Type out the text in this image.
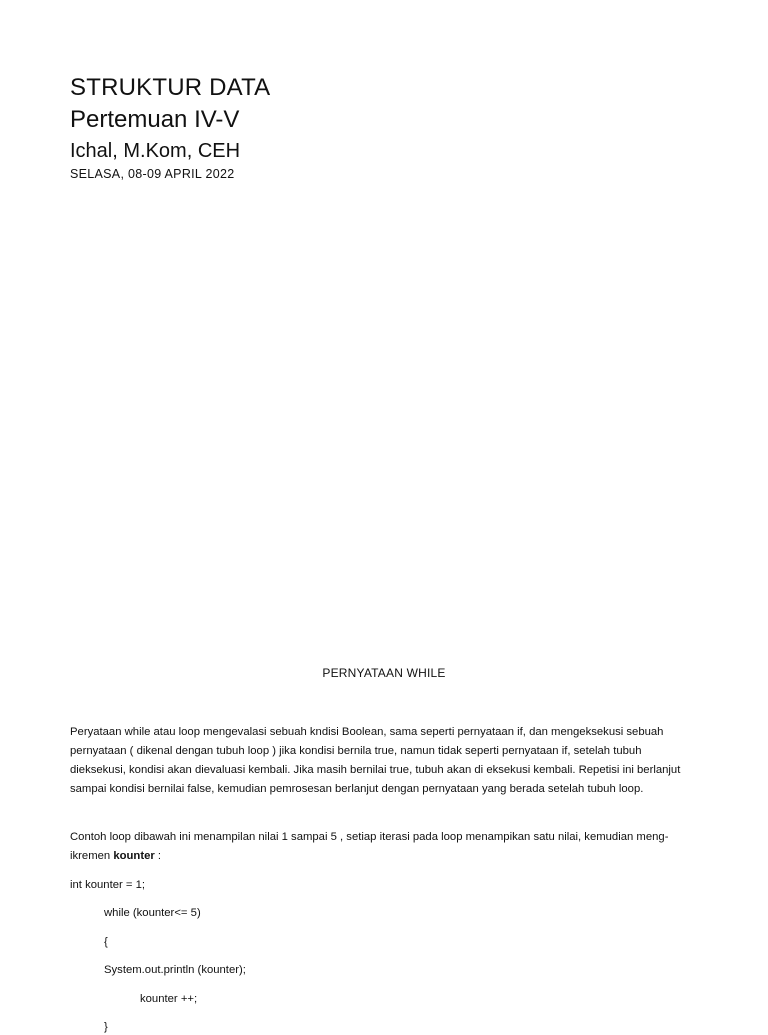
STRUKTUR DATA
Pertemuan IV-V
Ichal, M.Kom, CEH
SELASA, 08-09 APRIL 2022
PERNYATAAN WHILE

Peryataan while atau loop mengevalasi sebuah kndisi Boolean, sama seperti pernyataan if, dan mengeksekusi sebuah pernyataan ( dikenal dengan tubuh loop ) jika kondisi bernila true, namun tidak seperti pernyataan if, setelah tubuh dieksekusi, kondisi akan dievaluasi kembali. Jika masih bernilai true, tubuh akan di eksekusi kembali. Repetisi ini berlanjut sampai kondisi bernilai false, kemudian pemrosesan berlanjut dengan pernyataan yang berada setelah tubuh loop.

Contoh loop dibawah ini menampilan nilai 1 sampai 5 , setiap iterasi pada loop menampikan satu nilai, kemudian meng-ikremen kounter :

int kounter = 1;
while (kounter<= 5)
{
System.out.println (kounter);
kounter ++;
}
